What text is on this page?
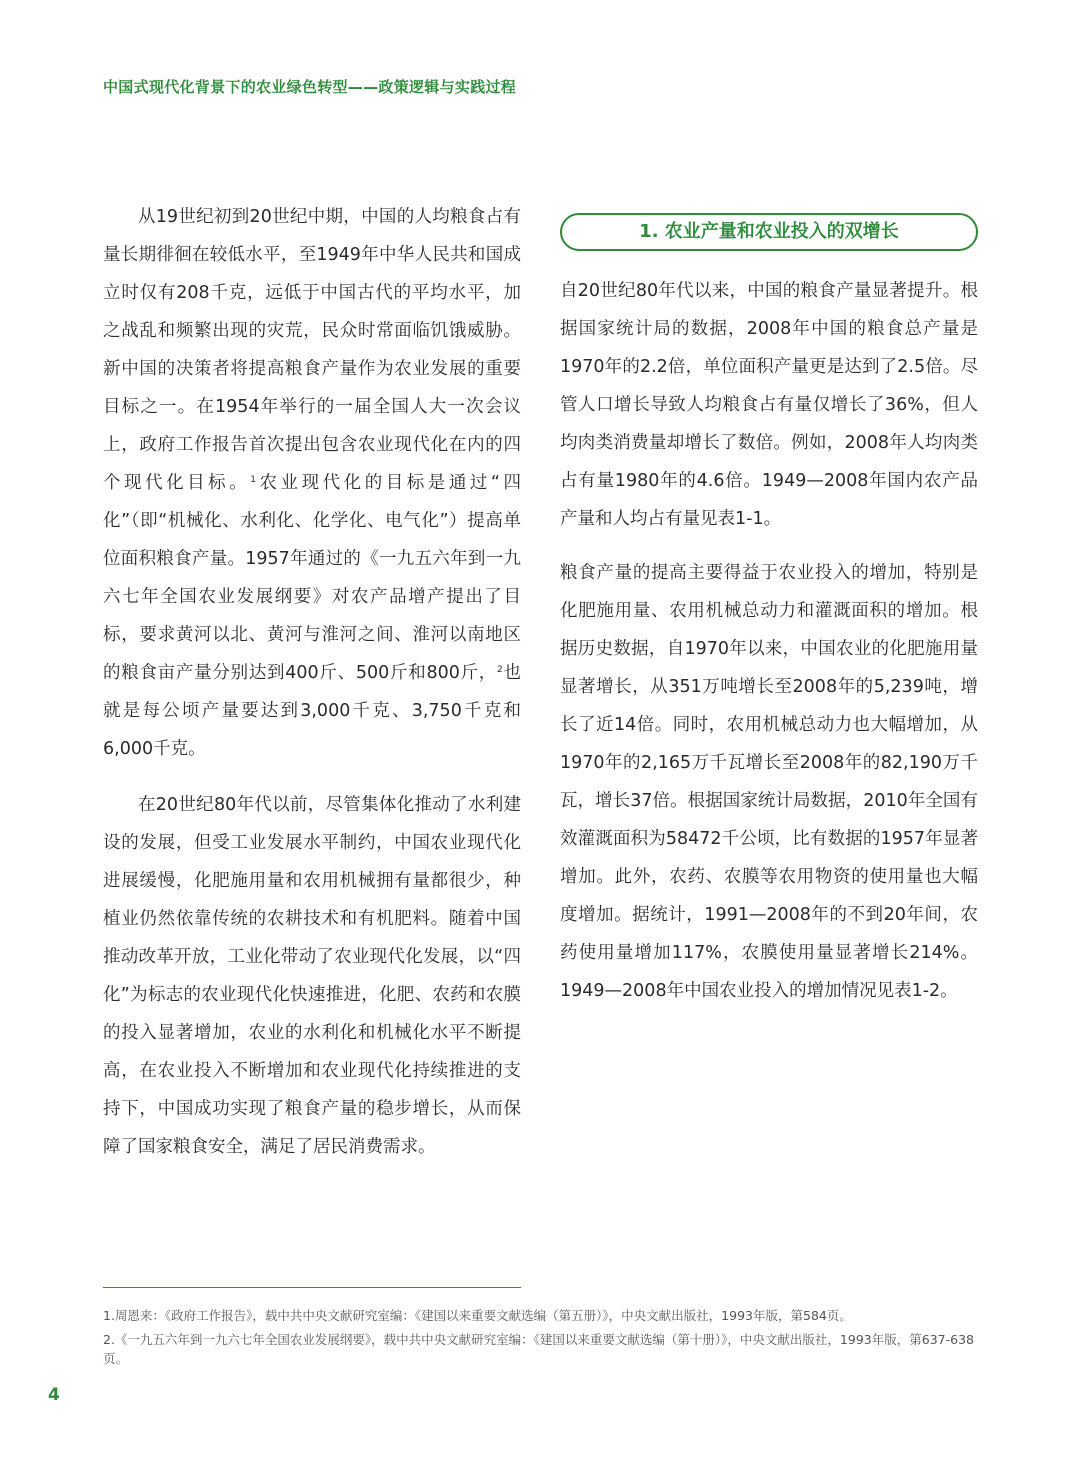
中国式现代化背景下的农业绿色转型——政策逻辑与实践过程

从19世纪初到20世纪中期，中国的人均粮食占有量长期徘徊在较低水平，至1949年中华人民共和国成立时仅有208千克，远低于中国古代的平均水平，加之战乱和频繁出现的灾荒，民众时常面临饥饿威胁。新中国的决策者将提高粮食产量作为农业发展的重要目标之一。在1954年举行的一届全国人大一次会议上，政府工作报告首次提出包含农业现代化在内的四个现代化目标。$^1$农业现代化的目标是通过“四化”（即“机械化、水利化、化学化、电气化”）提高单位面积粮食产量。1957年通过的《一九五六年到一九六七年全国农业发展纲要》对农产品增产提出了目标，要求黄河以北、黄河与淮河之间、淮河以南地区的粮食亩产量分别达到400斤、500斤和800斤，$^2$也就是每公顷产量要达到3,000千克、3,750千克和6,000千克。

在20世纪80年代以前，尽管集体化推动了水利建设的发展，但受工业发展水平制约，中国农业现代化进展缓慢，化肥施用量和农用机械拥有量都很少，种植业仍然依靠传统的农耕技术和有机肥料。随着中国推动改革开放，工业化带动了农业现代化发展，以“四化”为标志的农业现代化快速推进，化肥、农药和农膜的投入显著增加，农业的水利化和机械化水平不断提高，在农业投入不断增加和农业现代化持续推进的支持下，中国成功实现了粮食产量的稳步增长，从而保障了国家粮食安全，满足了居民消费需求。

1. 农业产量和农业投入的双增长

自20世纪80年代以来，中国的粮食产量显著提升。根据国家统计局的数据，2008年中国的粮食总产量是1970年的2.2倍，单位面积产量更是达到了2.5倍。尽管人口增长导致人均粮食占有量仅增长了36%，但人均肉类消费量却增长了数倍。例如，2008年人均肉类占有量1980年的4.6倍。1949—2008年国内农产品产量和人均占有量见表1-1。

粮食产量的提高主要得益于农业投入的增加，特别是化肥施用量、农用机械总动力和灌溉面积的增加。根据历史数据，自1970年以来，中国农业的化肥施用量显著增长，从351万吨增长至2008年的5,239吨，增长了近14倍。同时，农用机械总动力也大幅增加，从1970年的2,165万千瓦增长至2008年的82,190万千瓦，增长37倍。根据国家统计局数据，2010年全国有效灌溉面积为58472千公顷，比有数据的1957年显著增加。此外，农药、农膜等农用物资的使用量也大幅度增加。据统计，1991—2008年的不到20年间，农药使用量增加117%，农膜使用量显著增长214%。1949—2008年中国农业投入的增加情况见表1-2。

1.周恩来：《政府工作报告》，载中共中央文献研究室编：《建国以来重要文献选编（第五册）》，中央文献出版社，1993年版，第584页。

2.《一九五六年到一九六七年全国农业发展纲要》，载中共中央文献研究室编：《建国以来重要文献选编（第十册）》，中央文献出版社，1993年版，第637-638页。

4
